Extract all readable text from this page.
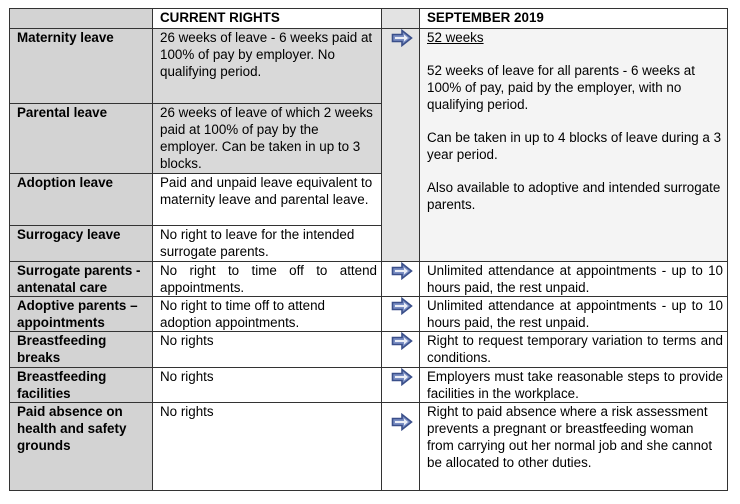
	CURRENT RIGHTS		SEPTEMBER 2019
Maternity leave	26 weeks of leave - 6 weeks paid at 100% of pay by employer. No qualifying period.		52 weeks

52 weeks of leave for all parents - 6 weeks at 100% of pay, paid by the employer, with no qualifying period.

Can be taken in up to 4 blocks of leave during a 3 year period.

Also available to adoptive and intended surrogate parents.

Parental leave	26 weeks of leave of which 2 weeks paid at 100% of pay by the employer. Can be taken in up to 3 blocks.		
Adoption leave	Paid and unpaid leave equivalent to maternity leave and parental leave.		
Surrogacy leave	No right to leave for the intended surrogate parents.		
Surrogate parents -antenatal care	No right to time off to attend appointments.		Unlimited attendance at appointments - up to 10 hours paid, the rest unpaid.
Adoptive parents – appointments	No right to time off to attend adoption appointments.		Unlimited attendance at appointments - up to 10 hours paid, the rest unpaid.
Breastfeeding breaks	No rights		Right to request temporary variation to terms and conditions.
Breastfeeding facilities	No rights		Employers must take reasonable steps to provide facilities in the workplace.
Paid absence on health and safety grounds	No rights		Right to paid absence where a risk assessment prevents a pregnant or breastfeeding woman from carrying out her normal job and she cannot be allocated to other duties.
